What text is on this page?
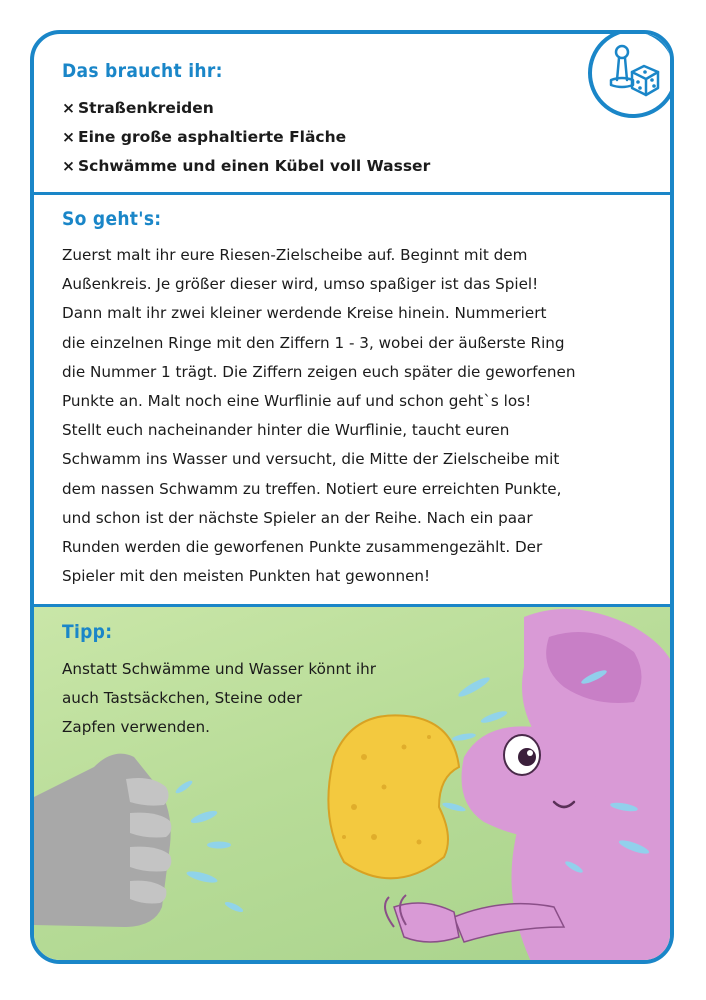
Das braucht ihr:
× Straßenkreiden
× Eine große asphaltierte Fläche
× Schwämme und einen Kübel voll Wasser
So geht's:

Zuerst malt ihr eure Riesen-Zielscheibe auf. Beginnt mit dem
Außenkreis. Je größer dieser wird, umso spaßiger ist das Spiel!
Dann malt ihr zwei kleiner werdende Kreise hinein. Nummeriert
die einzelnen Ringe mit den Ziffern 1 - 3, wobei der äußerste Ring
die Nummer 1 trägt. Die Ziffern zeigen euch später die geworfenen
Punkte an. Malt noch eine Wurflinie auf und schon geht`s los!
Stellt euch nacheinander hinter die Wurflinie, taucht euren
Schwamm ins Wasser und versucht, die Mitte der Zielscheibe mit
dem nassen Schwamm zu treffen. Notiert eure erreichten Punkte,
und schon ist der nächste Spieler an der Reihe. Nach ein paar
Runden werden die geworfenen Punkte zusammengezählt. Der
Spieler mit den meisten Punkten hat gewonnen!

Tipp:

Anstatt Schwämme und Wasser könnt ihr
auch Tastsäckchen, Steine oder
Zapfen verwenden.
